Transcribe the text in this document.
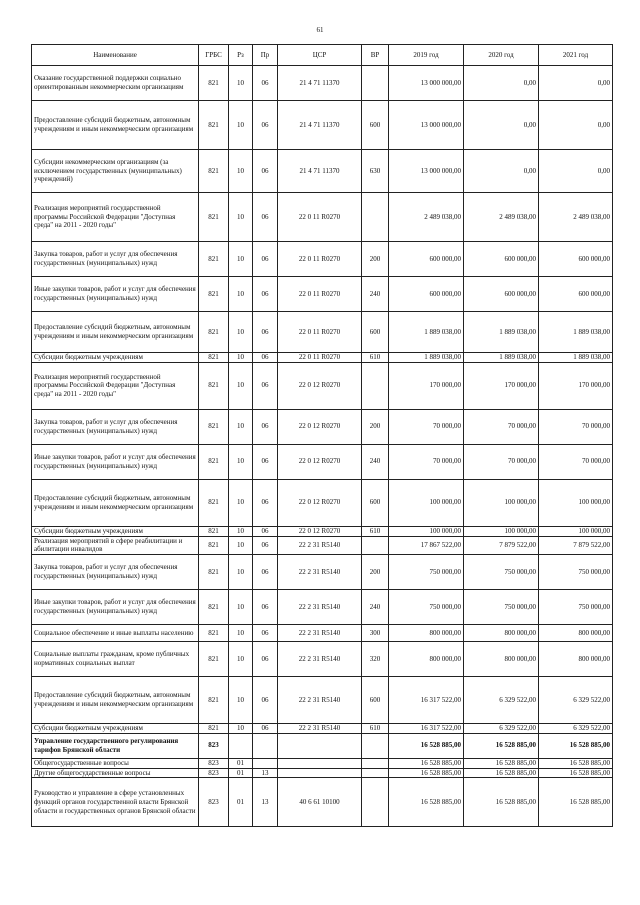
61
Наименование	ГРБС	Рз	Пр	ЦСР	ВР	2019 год	2020 год	2021 год
Оказание государственной поддержки социально ориентированным некоммерческим организациям	821	10	06	21 4 71 11370		13 000 000,00	0,00	0,00
Предоставление субсидий бюджетным, автономным учреждениям и иным некоммерческим организациям	821	10	06	21 4 71 11370	600	13 000 000,00	0,00	0,00
Субсидии некоммерческим организациям (за исключением государственных (муниципальных) учреждений)	821	10	06	21 4 71 11370	630	13 000 000,00	0,00	0,00
Реализация мероприятий государственной программы Российской Федерации "Доступная среда" на 2011 - 2020 годы"	821	10	06	22 0 11 R0270		2 489 038,00	2 489 038,00	2 489 038,00
Закупка товаров, работ и услуг для обеспечения государственных (муниципальных) нужд	821	10	06	22 0 11 R0270	200	600 000,00	600 000,00	600 000,00
Иные закупки товаров, работ и услуг для обеспечения государственных (муниципальных) нужд	821	10	06	22 0 11 R0270	240	600 000,00	600 000,00	600 000,00
Предоставление субсидий бюджетным, автономным учреждениям и иным некоммерческим организациям	821	10	06	22 0 11 R0270	600	1 889 038,00	1 889 038,00	1 889 038,00
Субсидии бюджетным учреждениям	821	10	06	22 0 11 R0270	610	1 889 038,00	1 889 038,00	1 889 038,00
Реализация мероприятий государственной программы Российской Федерации "Доступная среда" на 2011 - 2020 годы"	821	10	06	22 0 12 R0270		170 000,00	170 000,00	170 000,00
Закупка товаров, работ и услуг для обеспечения государственных (муниципальных) нужд	821	10	06	22 0 12 R0270	200	70 000,00	70 000,00	70 000,00
Иные закупки товаров, работ и услуг для обеспечения государственных (муниципальных) нужд	821	10	06	22 0 12 R0270	240	70 000,00	70 000,00	70 000,00
Предоставление субсидий бюджетным, автономным учреждениям и иным некоммерческим организациям	821	10	06	22 0 12 R0270	600	100 000,00	100 000,00	100 000,00
Субсидии бюджетным учреждениям	821	10	06	22 0 12 R0270	610	100 000,00	100 000,00	100 000,00
Реализация мероприятий в сфере реабилитации и абилитации инвалидов	821	10	06	22 2 31 R5140		17 867 522,00	7 879 522,00	7 879 522,00
Закупка товаров, работ и услуг для обеспечения государственных (муниципальных) нужд	821	10	06	22 2 31 R5140	200	750 000,00	750 000,00	750 000,00
Иные закупки товаров, работ и услуг для обеспечения государственных (муниципальных) нужд	821	10	06	22 2 31 R5140	240	750 000,00	750 000,00	750 000,00
Социальное обеспечение и иные выплаты населению	821	10	06	22 2 31 R5140	300	800 000,00	800 000,00	800 000,00
Социальные выплаты гражданам, кроме публичных нормативных социальных выплат	821	10	06	22 2 31 R5140	320	800 000,00	800 000,00	800 000,00
Предоставление субсидий бюджетным, автономным учреждениям и иным некоммерческим организациям	821	10	06	22 2 31 R5140	600	16 317 522,00	6 329 522,00	6 329 522,00
Субсидии бюджетным учреждениям	821	10	06	22 2 31 R5140	610	16 317 522,00	6 329 522,00	6 329 522,00
Управление государственного регулирования тарифов Брянской области	823					16 528 885,00	16 528 885,00	16 528 885,00
Общегосударственные вопросы	823	01				16 528 885,00	16 528 885,00	16 528 885,00
Другие общегосударственные вопросы	823	01	13			16 528 885,00	16 528 885,00	16 528 885,00
Руководство и управление в сфере установленных функций органов государственной власти Брянской области и государственных органов Брянской области	823	01	13	40 6 61 10100		16 528 885,00	16 528 885,00	16 528 885,00
